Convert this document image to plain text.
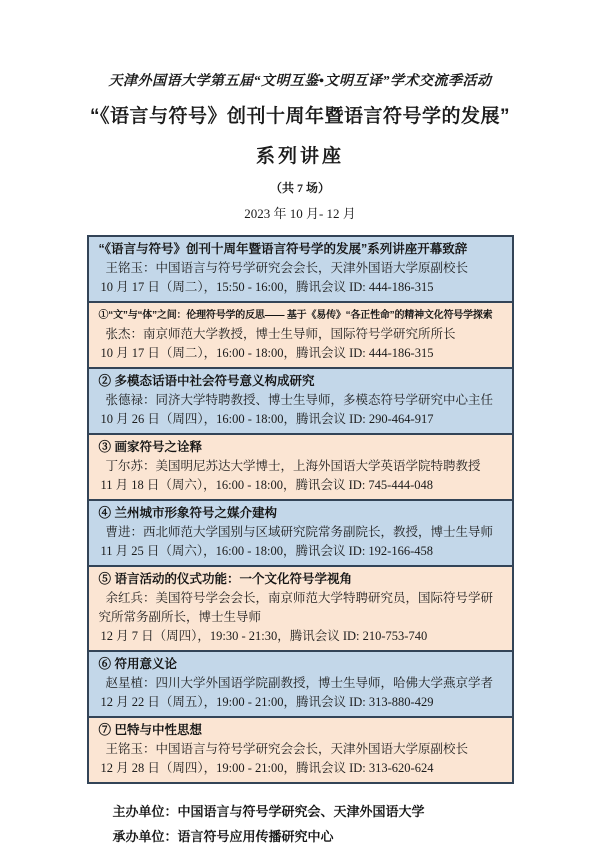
天津外国语大学第五届“文明互鉴•文明互译”学术交流季活动

“《语言与符号》创刊十周年暨语言符号学的发展”
系列讲座

（共 7 场）

2023 年 10 月- 12 月

“《语言与符号》创刊十周年暨语言符号学的发展”系列讲座开幕致辞

王铭玉：中国语言与符号学研究会会长，天津外国语大学原副校长

10 月 17 日（周二），15:50 - 16:00，腾讯会议 ID: 444-186-315

①“文”与“体”之间：伦理符号学的反思—— 基于《易传》“各正性命”的精神文化符号学探索

张杰：南京师范大学教授，博士生导师，国际符号学研究所所长

10 月 17 日（周二），16:00 - 18:00，腾讯会议 ID: 444-186-315

② 多模态话语中社会符号意义构成研究

张德禄：同济大学特聘教授、博士生导师，多模态符号学研究中心主任

10 月 26 日（周四），16:00 - 18:00，腾讯会议 ID: 290-464-917

③ 画家符号之诠释

丁尔苏：美国明尼苏达大学博士，上海外国语大学英语学院特聘教授

11 月 18 日（周六），16:00 - 18:00，腾讯会议 ID: 745-444-048

④ 兰州城市形象符号之媒介建构

曹进：西北师范大学国别与区域研究院常务副院长，教授，博士生导师

11 月 25 日（周六），16:00 - 18:00，腾讯会议 ID: 192-166-458

⑤ 语言活动的仪式功能：一个文化符号学视角

余红兵：美国符号学会会长，南京师范大学特聘研究员，国际符号学研究所常务副所长，博士生导师

12 月 7 日（周四），19:30 - 21:30，腾讯会议 ID: 210-753-740

⑥ 符用意义论

赵星植：四川大学外国语学院副教授，博士生导师，哈佛大学燕京学者

12 月 22 日（周五），19:00 - 21:00，腾讯会议 ID: 313-880-429

⑦ 巴特与中性思想

王铭玉：中国语言与符号学研究会会长，天津外国语大学原副校长

12 月 28 日（周四），19:00 - 21:00，腾讯会议 ID: 313-620-624

主办单位：中国语言与符号学研究会、天津外国语大学

承办单位：语言符号应用传播研究中心
